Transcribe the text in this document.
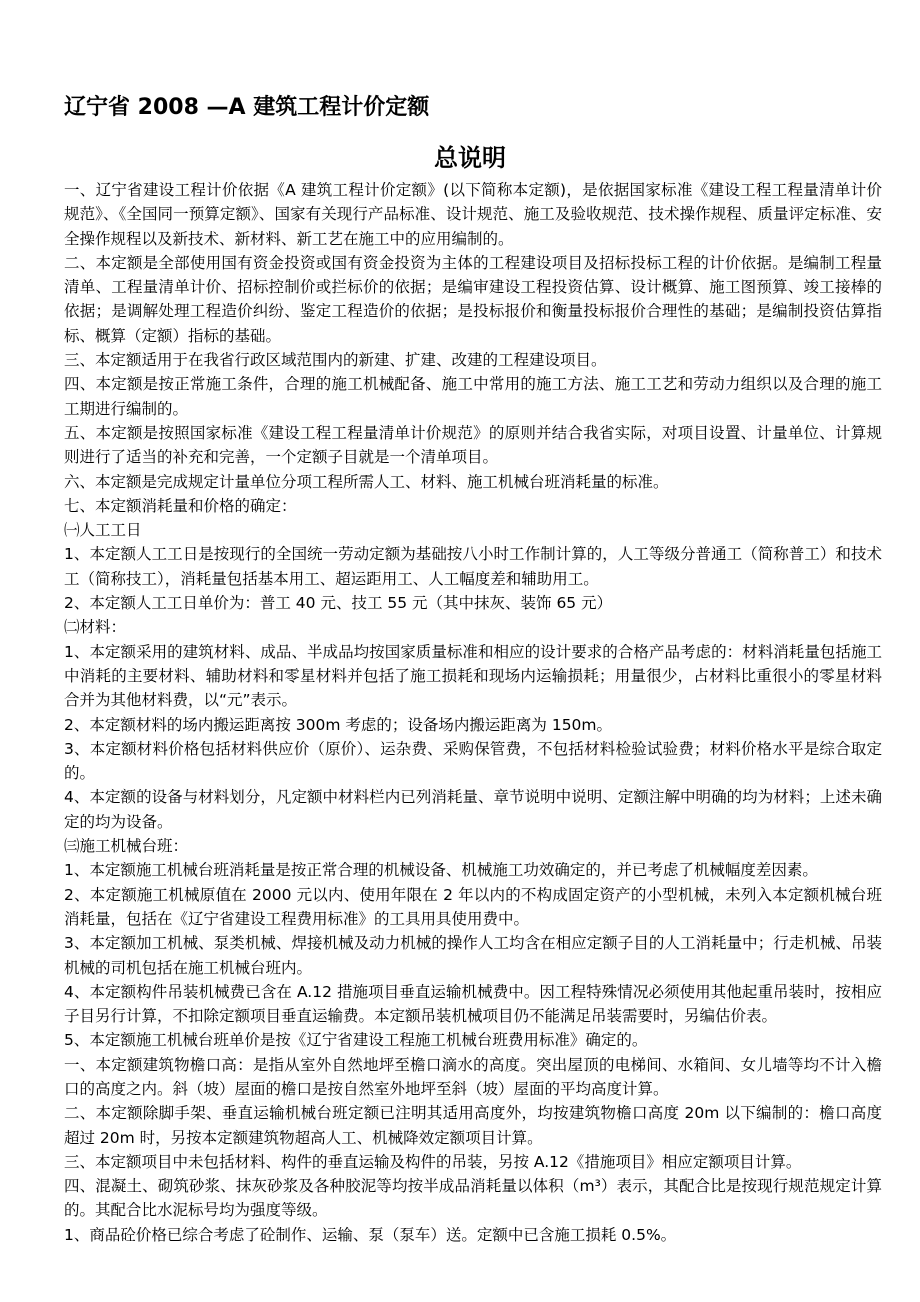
辽宁省 2008 —A 建筑工程计价定额
总说明

一、辽宁省建设工程计价依据《A 建筑工程计价定额》(以下简称本定额)，是依据国家标准《建设工程工程量清单计价规范》、《全国同一预算定额》、国家有关现行产品标准、设计规范、施工及验收规范、技术操作规程、质量评定标准、安全操作规程以及新技术、新材料、新工艺在施工中的应用编制的。

二、本定额是全部使用国有资金投资或国有资金投资为主体的工程建设项目及招标投标工程的计价依据。是编制工程量清单、工程量清单计价、招标控制价或拦标价的依据；是编审建设工程投资估算、设计概算、施工图预算、竣工接棒的依据；是调解处理工程造价纠纷、鉴定工程造价的依据；是投标报价和衡量投标报价合理性的基础；是编制投资估算指标、概算（定额）指标的基础。

三、本定额适用于在我省行政区域范围内的新建、扩建、改建的工程建设项目。

四、本定额是按正常施工条件，合理的施工机械配备、施工中常用的施工方法、施工工艺和劳动力组织以及合理的施工工期进行编制的。

五、本定额是按照国家标准《建设工程工程量清单计价规范》的原则并结合我省实际，对项目设置、计量单位、计算规则进行了适当的补充和完善，一个定额子目就是一个清单项目。

六、本定额是完成规定计量单位分项工程所需人工、材料、施工机械台班消耗量的标准。

七、本定额消耗量和价格的确定：

㈠人工工日

1、本定额人工工日是按现行的全国统一劳动定额为基础按八小时工作制计算的，人工等级分普通工（简称普工）和技术工（简称技工），消耗量包括基本用工、超运距用工、人工幅度差和辅助用工。

2、本定额人工工日单价为：普工 40 元、技工 55 元（其中抹灰、装饰 65 元）

㈡材料：

1、本定额采用的建筑材料、成品、半成品均按国家质量标准和相应的设计要求的合格产品考虑的：材料消耗量包括施工中消耗的主要材料、辅助材料和零星材料并包括了施工损耗和现场内运输损耗；用量很少，占材料比重很小的零星材料合并为其他材料费，以“元”表示。

2、本定额材料的场内搬运距离按 300m 考虑的；设备场内搬运距离为 150m。

3、本定额材料价格包括材料供应价（原价）、运杂费、采购保管费，不包括材料检验试验费；材料价格水平是综合取定的。

4、本定额的设备与材料划分，凡定额中材料栏内已列消耗量、章节说明中说明、定额注解中明确的均为材料；上述未确定的均为设备。

㈢施工机械台班：

1、本定额施工机械台班消耗量是按正常合理的机械设备、机械施工功效确定的，并已考虑了机械幅度差因素。

2、本定额施工机械原值在 2000 元以内、使用年限在 2 年以内的不构成固定资产的小型机械，未列入本定额机械台班消耗量，包括在《辽宁省建设工程费用标准》的工具用具使用费中。

3、本定额加工机械、泵类机械、焊接机械及动力机械的操作人工均含在相应定额子目的人工消耗量中；行走机械、吊装机械的司机包括在施工机械台班内。

4、本定额构件吊装机械费已含在 A.12 措施项目垂直运输机械费中。因工程特殊情况必须使用其他起重吊装时，按相应子目另行计算，不扣除定额项目垂直运输费。本定额吊装机械项目仍不能满足吊装需要时，另编估价表。

5、本定额施工机械台班单价是按《辽宁省建设工程施工机械台班费用标准》确定的。

一、本定额建筑物檐口高：是指从室外自然地坪至檐口滴水的高度。突出屋顶的电梯间、水箱间、女儿墙等均不计入檐口的高度之内。斜（坡）屋面的檐口是按自然室外地坪至斜（坡）屋面的平均高度计算。

二、本定额除脚手架、垂直运输机械台班定额已注明其适用高度外，均按建筑物檐口高度 20m 以下编制的：檐口高度超过 20m 时，另按本定额建筑物超高人工、机械降效定额项目计算。

三、本定额项目中未包括材料、构件的垂直运输及构件的吊装，另按 A.12《措施项目》相应定额项目计算。

四、混凝土、砌筑砂浆、抹灰砂浆及各种胶泥等均按半成品消耗量以体积（m³）表示，其配合比是按现行规范规定计算的。其配合比水泥标号均为强度等级。

1、商品砼价格已综合考虑了砼制作、运输、泵（泵车）送。定额中已含施工损耗 0.5%。
